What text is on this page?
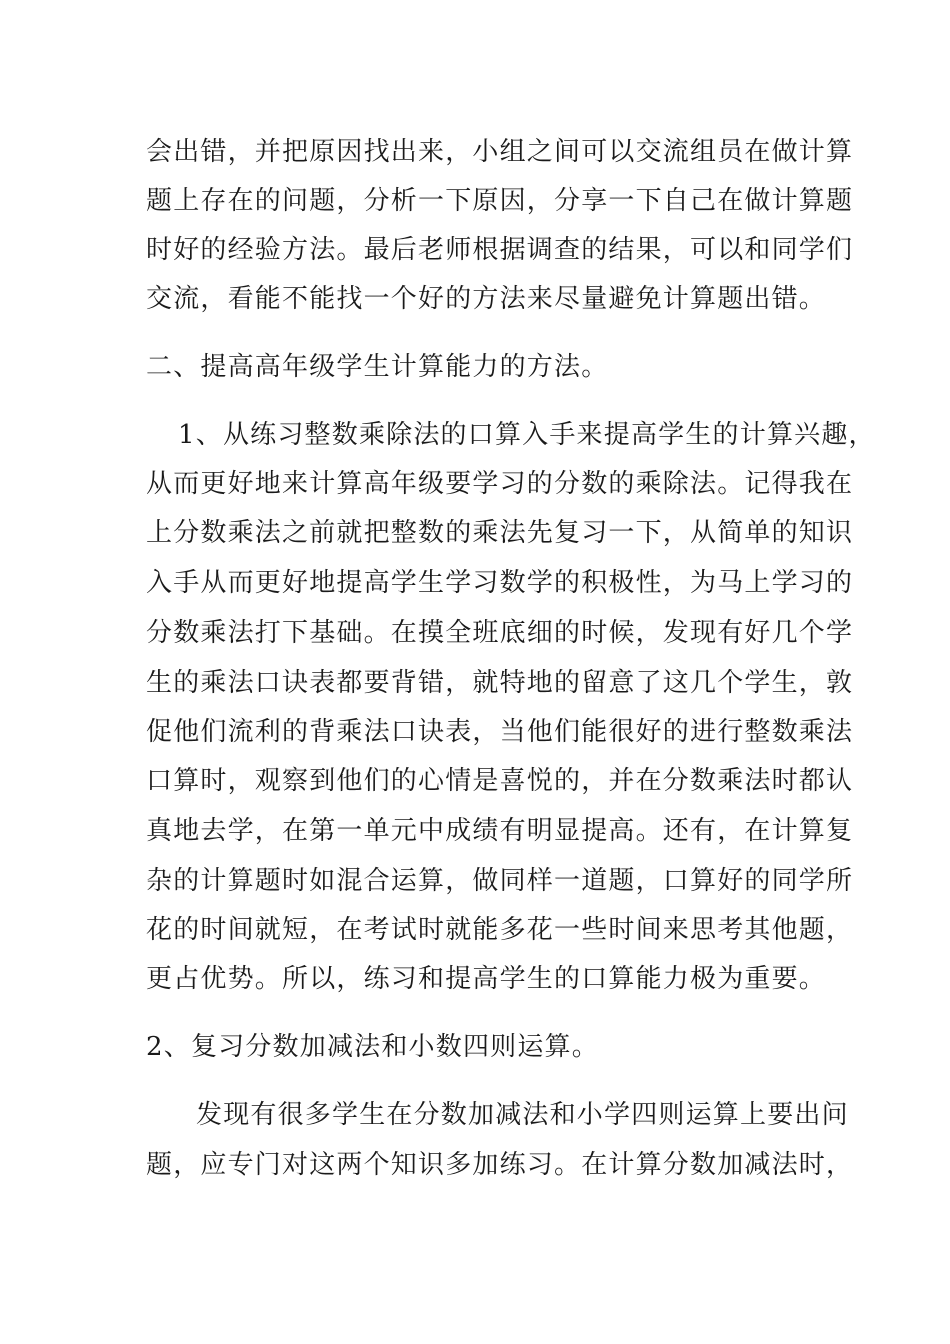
会出错，并把原因找出来，小组之间可以交流组员在做计算
题上存在的问题，分析一下原因，分享一下自己在做计算题
时好的经验方法。最后老师根据调查的结果，可以和同学们
交流，看能不能找一个好的方法来尽量避免计算题出错。
二、提高高年级学生计算能力的方法。
1、从练习整数乘除法的口算入手来提高学生的计算兴趣，
从而更好地来计算高年级要学习的分数的乘除法。记得我在
上分数乘法之前就把整数的乘法先复习一下，从简单的知识
入手从而更好地提高学生学习数学的积极性，为马上学习的
分数乘法打下基础。在摸全班底细的时候，发现有好几个学
生的乘法口诀表都要背错，就特地的留意了这几个学生，敦
促他们流利的背乘法口诀表，当他们能很好的进行整数乘法
口算时，观察到他们的心情是喜悦的，并在分数乘法时都认
真地去学，在第一单元中成绩有明显提高。还有，在计算复
杂的计算题时如混合运算，做同样一道题，口算好的同学所
花的时间就短，在考试时就能多花一些时间来思考其他题，
更占优势。所以，练习和提高学生的口算能力极为重要。
2、复习分数加减法和小数四则运算。
发现有很多学生在分数加减法和小学四则运算上要出问
题，应专门对这两个知识多加练习。在计算分数加减法时，
